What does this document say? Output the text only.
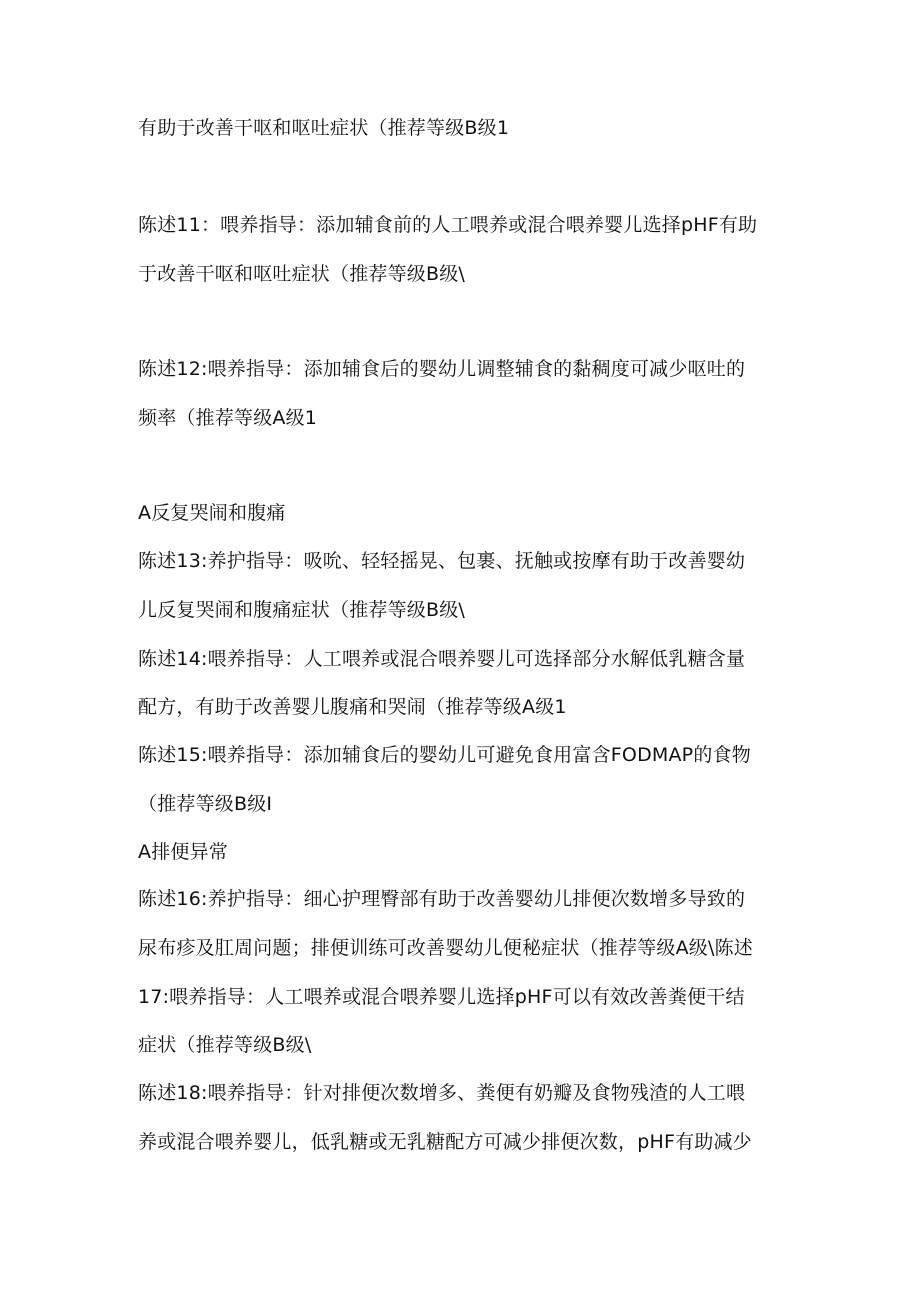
有助于改善干呕和呕吐症状（推荐等级B级1
陈述11：喂养指导：添加辅食前的人工喂养或混合喂养婴儿选择pHF有助
于改善干呕和呕吐症状（推荐等级B级\
陈述12:喂养指导：添加辅食后的婴幼儿调整辅食的黏稠度可减少呕吐的
频率（推荐等级A级1
A反复哭闹和腹痛
陈述13:养护指导：吸吮、轻轻摇晃、包裹、抚触或按摩有助于改善婴幼
儿反复哭闹和腹痛症状（推荐等级B级\
陈述14:喂养指导：人工喂养或混合喂养婴儿可选择部分水解低乳糖含量
配方，有助于改善婴儿腹痛和哭闹（推荐等级A级1
陈述15:喂养指导：添加辅食后的婴幼儿可避免食用富含FODMAP的食物
（推荐等级B级I
A排便异常
陈述16:养护指导：细心护理臀部有助于改善婴幼儿排便次数增多导致的
尿布疹及肛周问题；排便训练可改善婴幼儿便秘症状（推荐等级A级\陈述
17:喂养指导：人工喂养或混合喂养婴儿选择pHF可以有效改善粪便干结
症状（推荐等级B级\
陈述18:喂养指导：针对排便次数增多、粪便有奶瓣及食物残渣的人工喂
养或混合喂养婴儿，低乳糖或无乳糖配方可减少排便次数，pHF有助减少
